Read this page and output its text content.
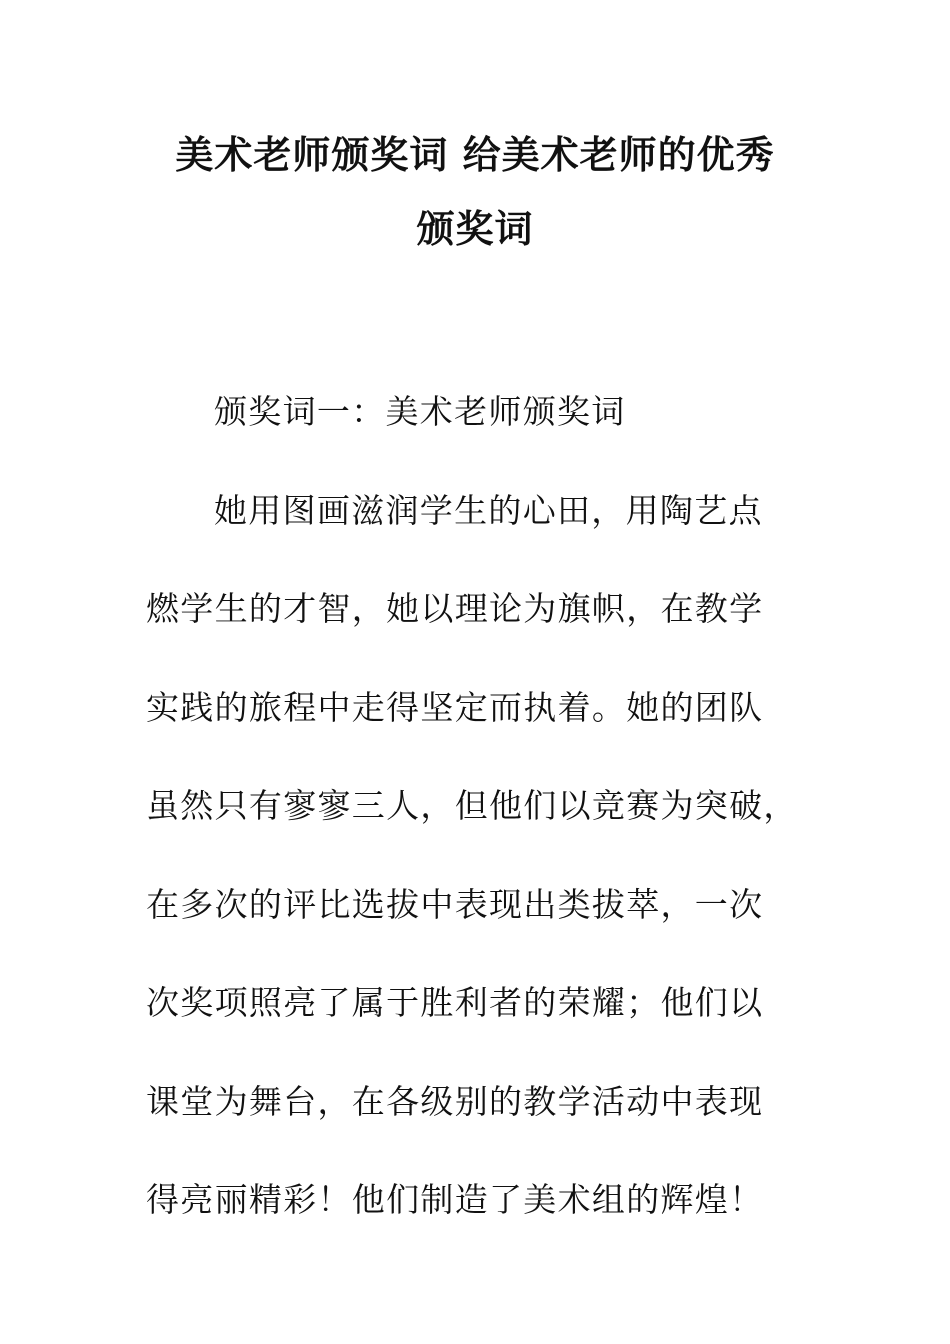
美术老师颁奖词 给美术老师的优秀
颁奖词

颁奖词一：美术老师颁奖词

她用图画滋润学生的心田，用陶艺点

燃学生的才智，她以理论为旗帜，在教学

实践的旅程中走得坚定而执着。她的团队

虽然只有寥寥三人，但他们以竞赛为突破，

在多次的评比选拔中表现出类拔萃，一次

次奖项照亮了属于胜利者的荣耀；他们以

课堂为舞台，在各级别的教学活动中表现

得亮丽精彩！他们制造了美术组的辉煌！
